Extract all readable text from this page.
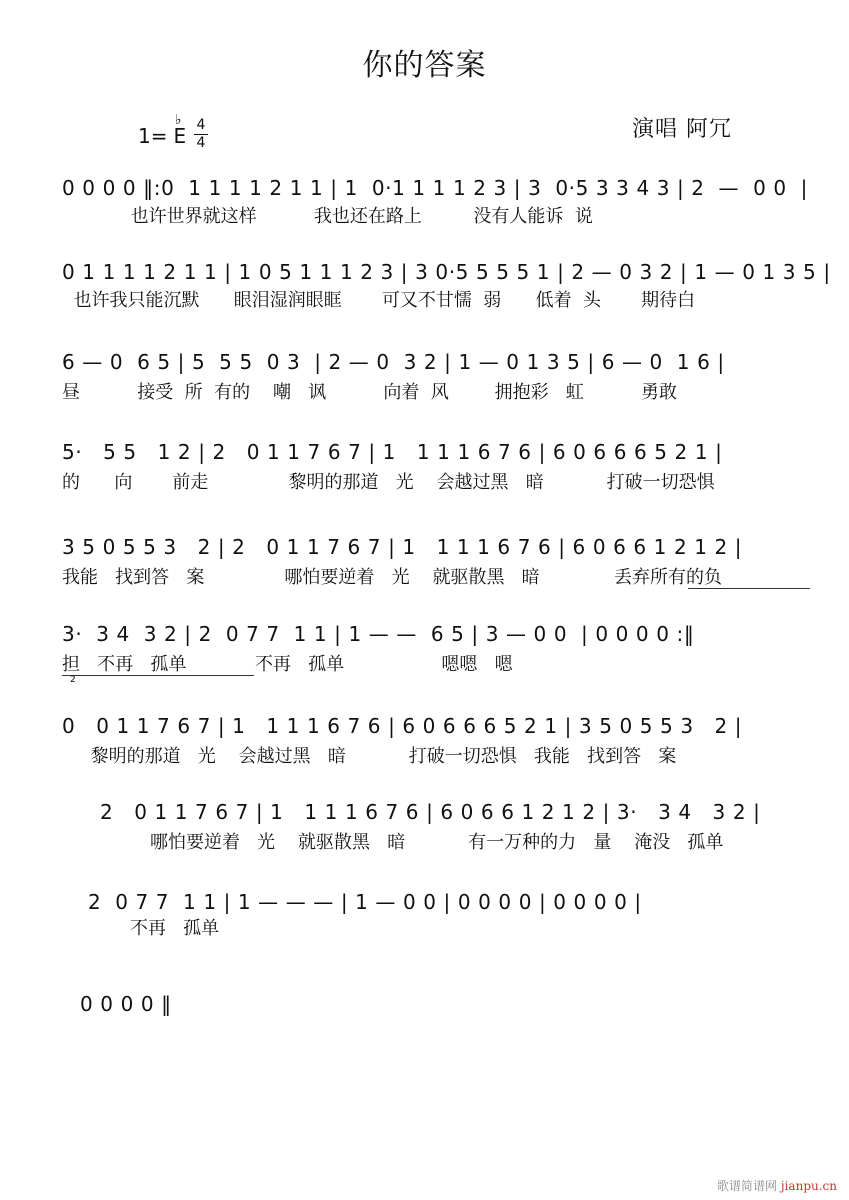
你的答案
1=
♭
E 4
4
演唱 阿冗
0 0 0 0 ‖:0  1 1 1 1 2 1 1 | 1  0·1 1 1 1 2 3 | 3  0·5 3 3 4 3 | 2  —  0 0  |
也许世界就这样          我也还在路上         没有人能诉  说
0 1 1 1 1 2 1 1 | 1 0 5 1 1 1 2 3 | 3 0·5 5 5 5 1 | 2 — 0 3 2 | 1 — 0 1 3 5 |
也许我只能沉默      眼泪湿润眼眶       可又不甘懦  弱      低着  头       期待白
6 — 0  6 5 | 5  5 5  0 3  | 2 — 0  3 2 | 1 — 0 1 3 5 | 6 — 0  1 6 |
昼          接受  所  有的    嘲   讽          向着  风        拥抱彩   虹          勇敢
5·   5 5   1 2 | 2   0 1 1 7 6 7 | 1   1 1 1 6 7 6 | 6 0 6 6 6 5 2 1 |
的      向       前走              黎明的那道   光    会越过黑   暗           打破一切恐惧
3 5 0 5 5 3   2 | 2   0 1 1 7 6 7 | 1   1 1 1 6 7 6 | 6 0 6 6 1 2 1 2 |
我能   找到答   案              哪怕要逆着   光    就驱散黑   暗             丢弃所有的负
3·  3 4  3 2 | 2  0 7 7  1 1 | 1 — —  6 5 | 3 — 0 0  | 0 0 0 0 :‖
担   不再   孤单            不再   孤单                 嗯嗯   嗯
2
0   0 1 1 7 6 7 | 1   1 1 1 6 7 6 | 6 0 6 6 6 5 2 1 | 3 5 0 5 5 3   2 |
黎明的那道   光    会越过黑   暗           打破一切恐惧   我能   找到答   案
2   0 1 1 7 6 7 | 1   1 1 1 6 7 6 | 6 0 6 6 1 2 1 2 | 3·   3 4   3 2 |
哪怕要逆着   光    就驱散黑   暗           有一万种的力   量    淹没   孤单
2  0 7 7  1 1 | 1 — — — | 1 — 0 0 | 0 0 0 0 | 0 0 0 0 |
不再   孤单
0 0 0 0 ‖
歌谱简谱网 jianpu.cn
